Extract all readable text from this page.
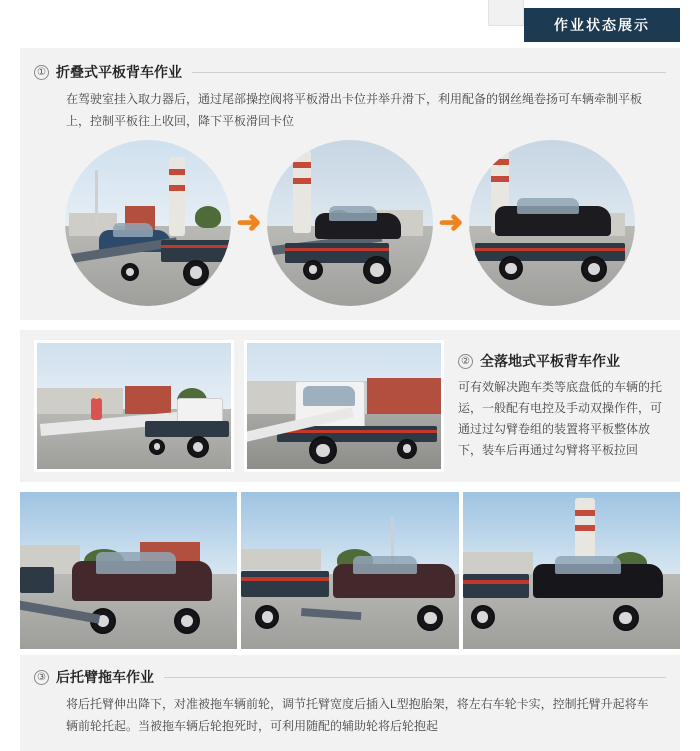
作业状态展示
① 折叠式平板背车作业
在驾驶室挂入取力器后，通过尾部操控阀将平板滑出卡位并举升滑下，利用配备的钢丝绳卷扬可车辆牵制平板上，控制平板往上收回，降下平板滑回卡位
➜	➜
② 全落地式平板背车作业
可有效解决跑车类等底盘低的车辆的托运，一般配有电控及手动双操作件，可通过过勾臂卷组的装置将平板整体放下，装车后再通过勾臂将平板拉回
③ 后托臂拖车作业
将后托臂伸出降下，对准被拖车辆前轮，调节托臂宽度后插入L型抱胎架，将左右车轮卡实，控制托臂升起将车辆前轮托起。当被拖车辆后轮抱死时，可利用随配的辅助轮将后轮抱起
